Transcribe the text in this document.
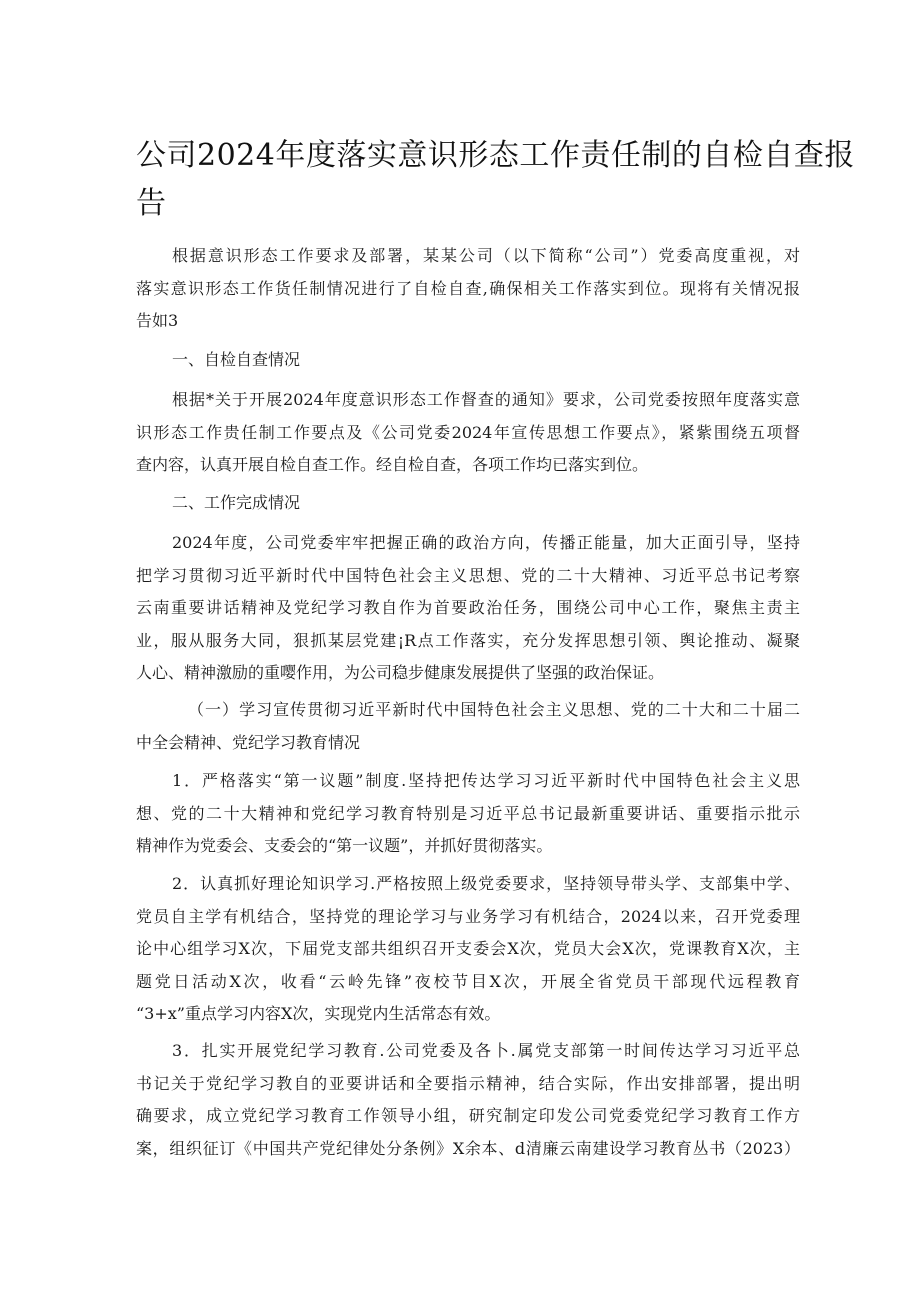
公司2024年度落实意识形态工作责任制的自检自查报
告
根据意识形态工作要求及部署，某某公司（以下简称“公司”）党委高度重视，对
落实意识形态工作货任制情况进行了自检自查,确保相关工作落实到位。现将有关情况报
告如3
一、自检自查情况
根据*关于开展2024年度意识形态工作督查的通知》要求，公司党委按照年度落实意
识形态工作贵任制工作要点及《公司党委2024年宣传思想工作要点》，紧紫围绕五项督
查内容，认真开展自检自查工作。经自检自查，各项工作均已落实到位。
二、工作完成情况
2024年度，公司党委牢牢把握正确的政治方向，传播正能量，加大正面引导，坚持
把学习贯彻习近平新时代中国特色社会主义思想、党的二十大精神、习近平总书记考察
云南重要讲话精神及党纪学习教自作为首要政治任务，围绕公司中心工作，聚焦主责主
业，服从服务大同，狠抓某层党建¡R点工作落实，充分发挥思想引领、舆论推动、凝聚
人心、精神激励的重嘤作用，为公司稳步健康发展提供了坚强的政治保证。
（一）学习宣传贯彻习近平新时代中国特色社会主义思想、党的二十大和二十届二
中全会精神、党纪学习教育情况
1．严格落实“第一议题”制度.坚持把传达学习习近平新时代中国特色社会主义思
想、党的二十大精神和党纪学习教育特别是习近平总书记最新重要讲话、重要指示批示
精神作为党委会、支委会的“第一议题”，并抓好贯彻落实。
2．认真抓好理论知识学习.严格按照上级党委要求，坚持领导带头学、支部集中学、
党员自主学有机结合，坚持党的理论学习与业务学习有机结合，2024以来，召开党委理
论中心组学习X次，下届党支部共组织召开支委会X次，党员大会X次，党课教育X次，主
题党日活动X次，收看“云岭先锋”夜校节目X次，开展全省党员干部现代远程教育
“3+x”重点学习内容X次，实现党内生活常态有效。
3．扎实开展党纪学习教育.公司党委及各卜.属党支部第一时间传达学习习近平总
书记关于党纪学习教自的亚要讲话和全要指示精神，结合实际，作出安排部署，提出明
确要求，成立党纪学习教育工作领导小组，研究制定印发公司党委党纪学习教育工作方
案，组织征订《中国共产党纪律处分条例》X余本、d清廉云南建设学习教育丛书（2023）
